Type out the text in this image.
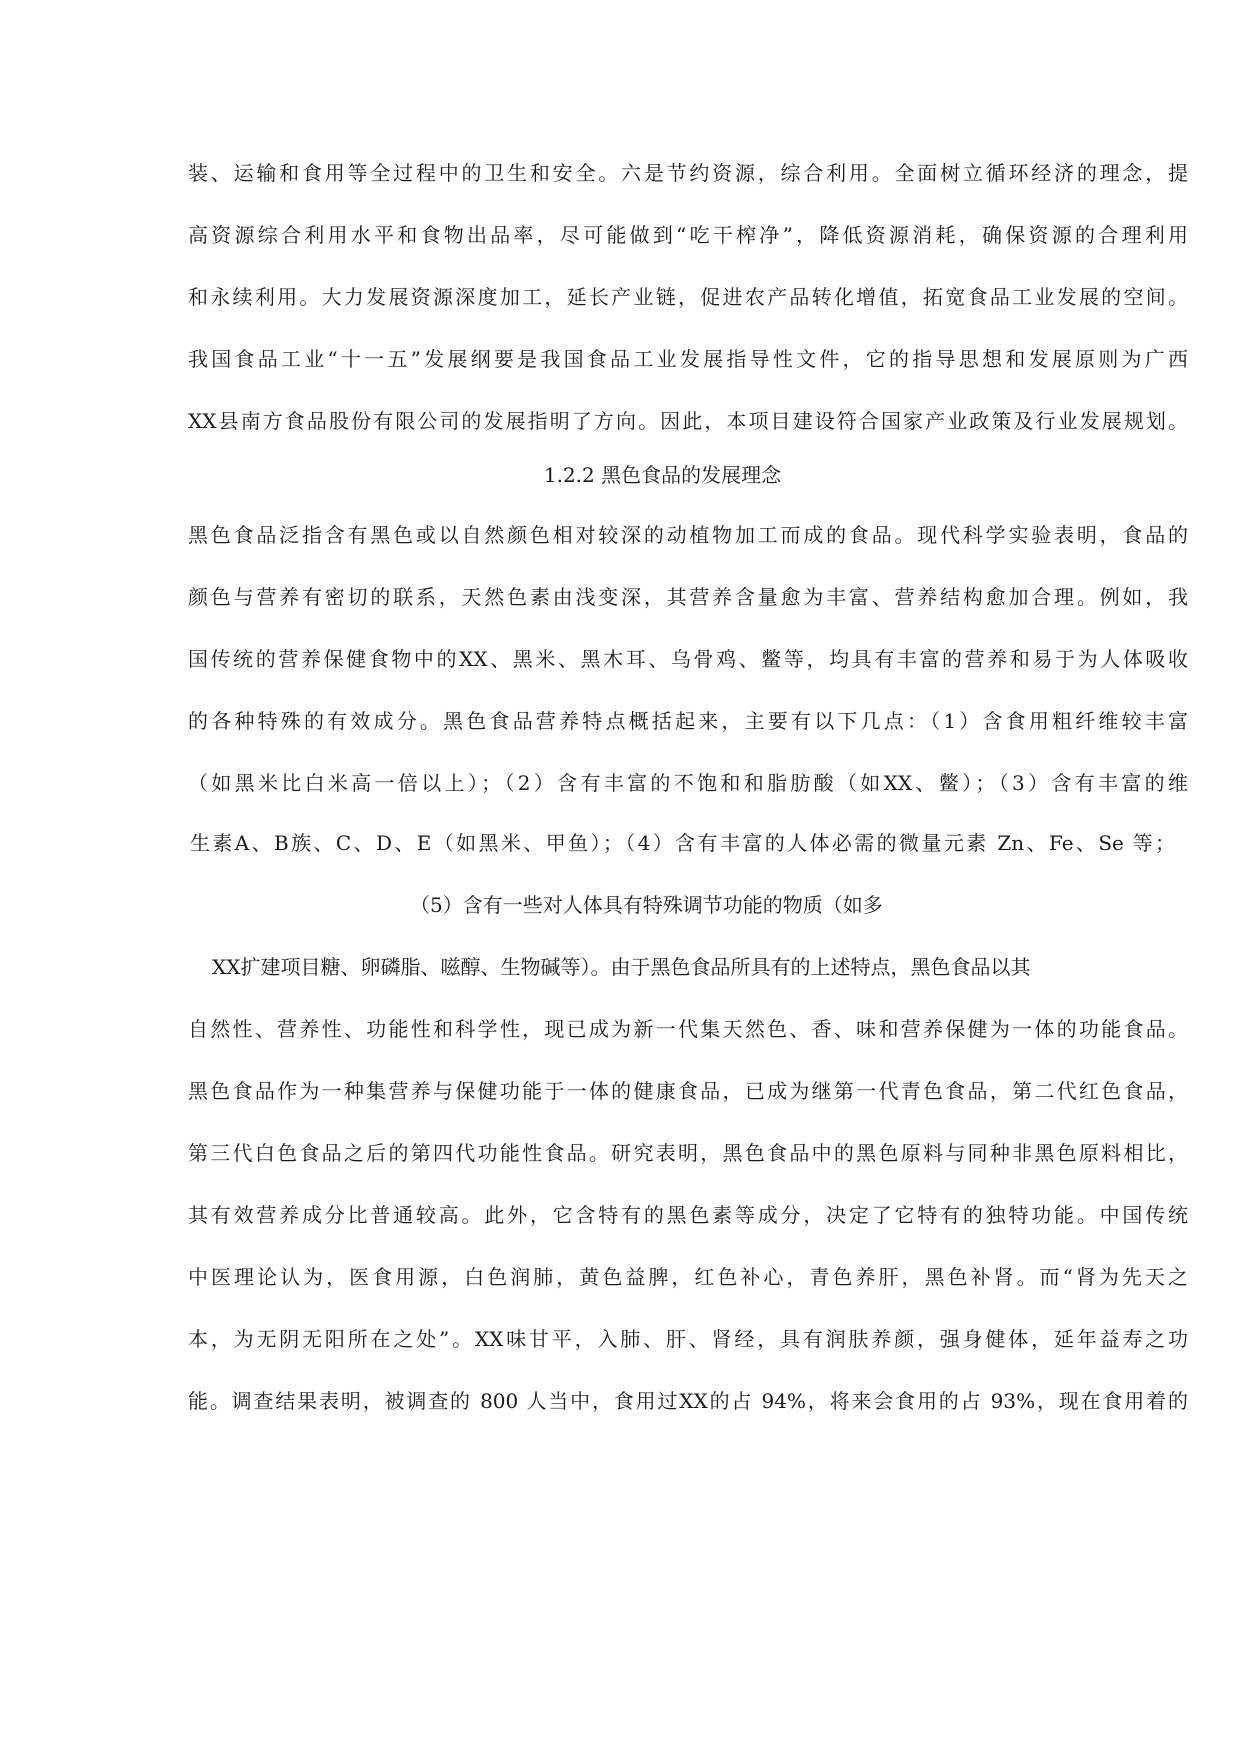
装、运输和食用等全过程中的卫生和安全。六是节约资源，综合利用。全面树立循环经济的理念，提
高资源综合利用水平和食物出品率，尽可能做到“吃干榨净”，降低资源消耗，确保资源的合理利用
和永续利用。大力发展资源深度加工，延长产业链，促进农产品转化增值，拓宽食品工业发展的空间。
我国食品工业“十一五”发展纲要是我国食品工业发展指导性文件，它的指导思想和发展原则为广西
XX县南方食品股份有限公司的发展指明了方向。因此，本项目建设符合国家产业政策及行业发展规划。
1.2.2 黑色食品的发展理念
黑色食品泛指含有黑色或以自然颜色相对较深的动植物加工而成的食品。现代科学实验表明，食品的
颜色与营养有密切的联系，天然色素由浅变深，其营养含量愈为丰富、营养结构愈加合理。例如，我
国传统的营养保健食物中的XX、黑米、黑木耳、乌骨鸡、鳖等，均具有丰富的营养和易于为人体吸收
的各种特殊的有效成分。黑色食品营养特点概括起来，主要有以下几点：（1）含食用粗纤维较丰富
（如黑米比白米高一倍以上）；（2）含有丰富的不饱和和脂肪酸（如XX、鳖）；（3）含有丰富的维
生素A、B族、C、D、E（如黑米、甲鱼）；（4）含有丰富的人体必需的微量元素 Zn、Fe、Se 等；
（5）含有一些对人体具有特殊调节功能的物质（如多
XX扩建项目糖、卵磷脂、嗞醇、生物碱等）。由于黑色食品所具有的上述特点，黑色食品以其
自然性、营养性、功能性和科学性，现已成为新一代集天然色、香、味和营养保健为一体的功能食品。
黑色食品作为一种集营养与保健功能于一体的健康食品，已成为继第一代青色食品，第二代红色食品，
第三代白色食品之后的第四代功能性食品。研究表明，黑色食品中的黑色原料与同种非黑色原料相比，
其有效营养成分比普通较高。此外，它含特有的黑色素等成分，决定了它特有的独特功能。中国传统
中医理论认为，医食用源，白色润肺，黄色益脾，红色补心，青色养肝，黑色补肾。而“肾为先天之
本，为无阴无阳所在之处”。XX味甘平，入肺、肝、肾经，具有润肤养颜，强身健体，延年益寿之功
能。调查结果表明，被调查的 800 人当中，食用过XX的占 94%，将来会食用的占 93%，现在食用着的
